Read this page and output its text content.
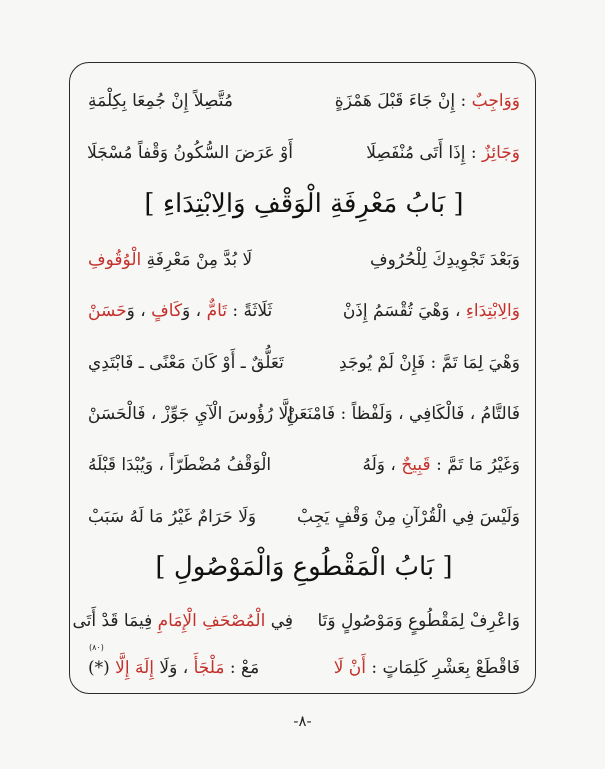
وَوَاجِبٌ : إِنْ جَاءَ قَبْلَ هَمْزَةٍ
مُتَّصِلاً إِنْ جُمِعَا بِكِلْمَةِ
وَجَائِزٌ : إِذَا أَتَى مُنْفَصِلَا
أَوْ عَرَضَ السُّكُونُ وَقْفاً مُسْجَلَا
[ بَابُ مَعْرِفَةِ الْوَقْفِ وَالِابْتِدَاءِ ]
وَبَعْدَ تَجْوِيدِكَ لِلْحُرُوفِ
لَا بُدَّ مِنْ مَعْرِفَةِ الْوُقُوفِ
وَالِابْتِدَاءِ ، وَهْيَ تُقْسَمُ إِذَنْ
ثَلَاثَةً : تَامٌّ ، وَكَافٍ ، وَحَسَنْ
وَهْيَ لِمَا تَمَّ : فَإِنْ لَمْ يُوجَدِ
تَعَلُّقٌ ـ أَوْ كَانَ مَعْنًى ـ فَابْتَدِي
فَالتَّامُ ، فَالْكَافِي ، وَلَفْظاً : فَامْنَعَنْ
إِلَّا رُؤُوسَ الْآيِ جَوِّزْ ، فَالْحَسَنْ
وَغَيْرُ مَا تَمَّ : قَبِيحٌ ، وَلَهُ
الْوَقْفُ مُضْطَرّاً ، وَيُبْدَا قَبْلَهُ
وَلَيْسَ فِي الْقُرْآنِ مِنْ وَقْفٍ يَجِبْ
وَلَا حَرَامٌ غَيْرُ مَا لَهُ سَبَبْ
[ بَابُ الْمَقْطُوعِ وَالْمَوْصُولِ ]
وَاعْرِفْ لِمَقْطُوعٍ وَمَوْصُولٍ وَتَا
فِي الْمُصْحَفِ الْإِمَامِ فِيمَا قَدْ أَتَى
(٨٠)
فَاقْطَعْ بِعَشْرِ كَلِمَاتٍ : أَنْ لَا
مَعْ : مَلْجَأَ ، وَلَا إِلَهَ إِلَّا (*)
-٨-
